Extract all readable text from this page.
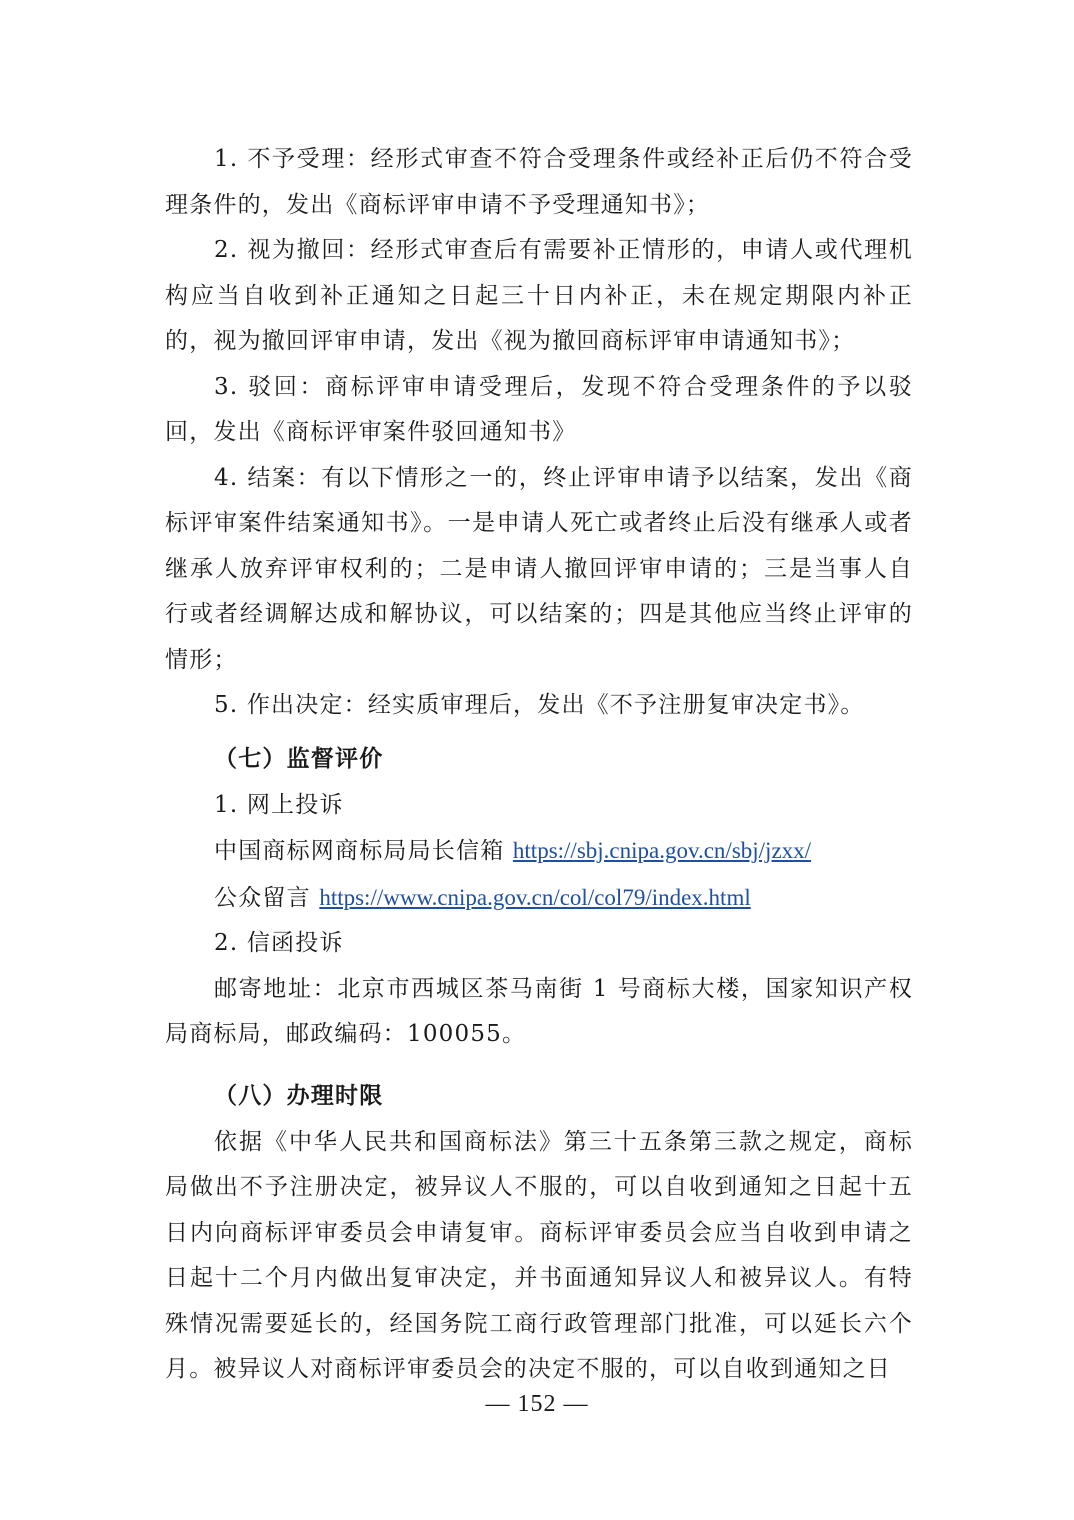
1. 不予受理：经形式审查不符合受理条件或经补正后仍不符合受理条件的，发出《商标评审申请不予受理通知书》；

2. 视为撤回：经形式审查后有需要补正情形的，申请人或代理机构应当自收到补正通知之日起三十日内补正，未在规定期限内补正的，视为撤回评审申请，发出《视为撤回商标评审申请通知书》；

3. 驳回：商标评审申请受理后，发现不符合受理条件的予以驳回，发出《商标评审案件驳回通知书》

4. 结案：有以下情形之一的，终止评审申请予以结案，发出《商标评审案件结案通知书》。一是申请人死亡或者终止后没有继承人或者继承人放弃评审权利的；二是申请人撤回评审申请的；三是当事人自行或者经调解达成和解协议，可以结案的；四是其他应当终止评审的情形；

5. 作出决定：经实质审理后，发出《不予注册复审决定书》。

（七）监督评价

1. 网上投诉

中国商标网商标局局长信箱 https://sbj.cnipa.gov.cn/sbj/jzxx/

公众留言 https://www.cnipa.gov.cn/col/col79/index.html

2. 信函投诉

邮寄地址：北京市西城区茶马南街 1 号商标大楼，国家知识产权局商标局，邮政编码：100055。

（八）办理时限

依据《中华人民共和国商标法》第三十五条第三款之规定，商标局做出不予注册决定，被异议人不服的，可以自收到通知之日起十五日内向商标评审委员会申请复审。商标评审委员会应当自收到申请之日起十二个月内做出复审决定，并书面通知异议人和被异议人。有特殊情况需要延长的，经国务院工商行政管理部门批准，可以延长六个月。被异议人对商标评审委员会的决定不服的，可以自收到通知之日

— 152 —
